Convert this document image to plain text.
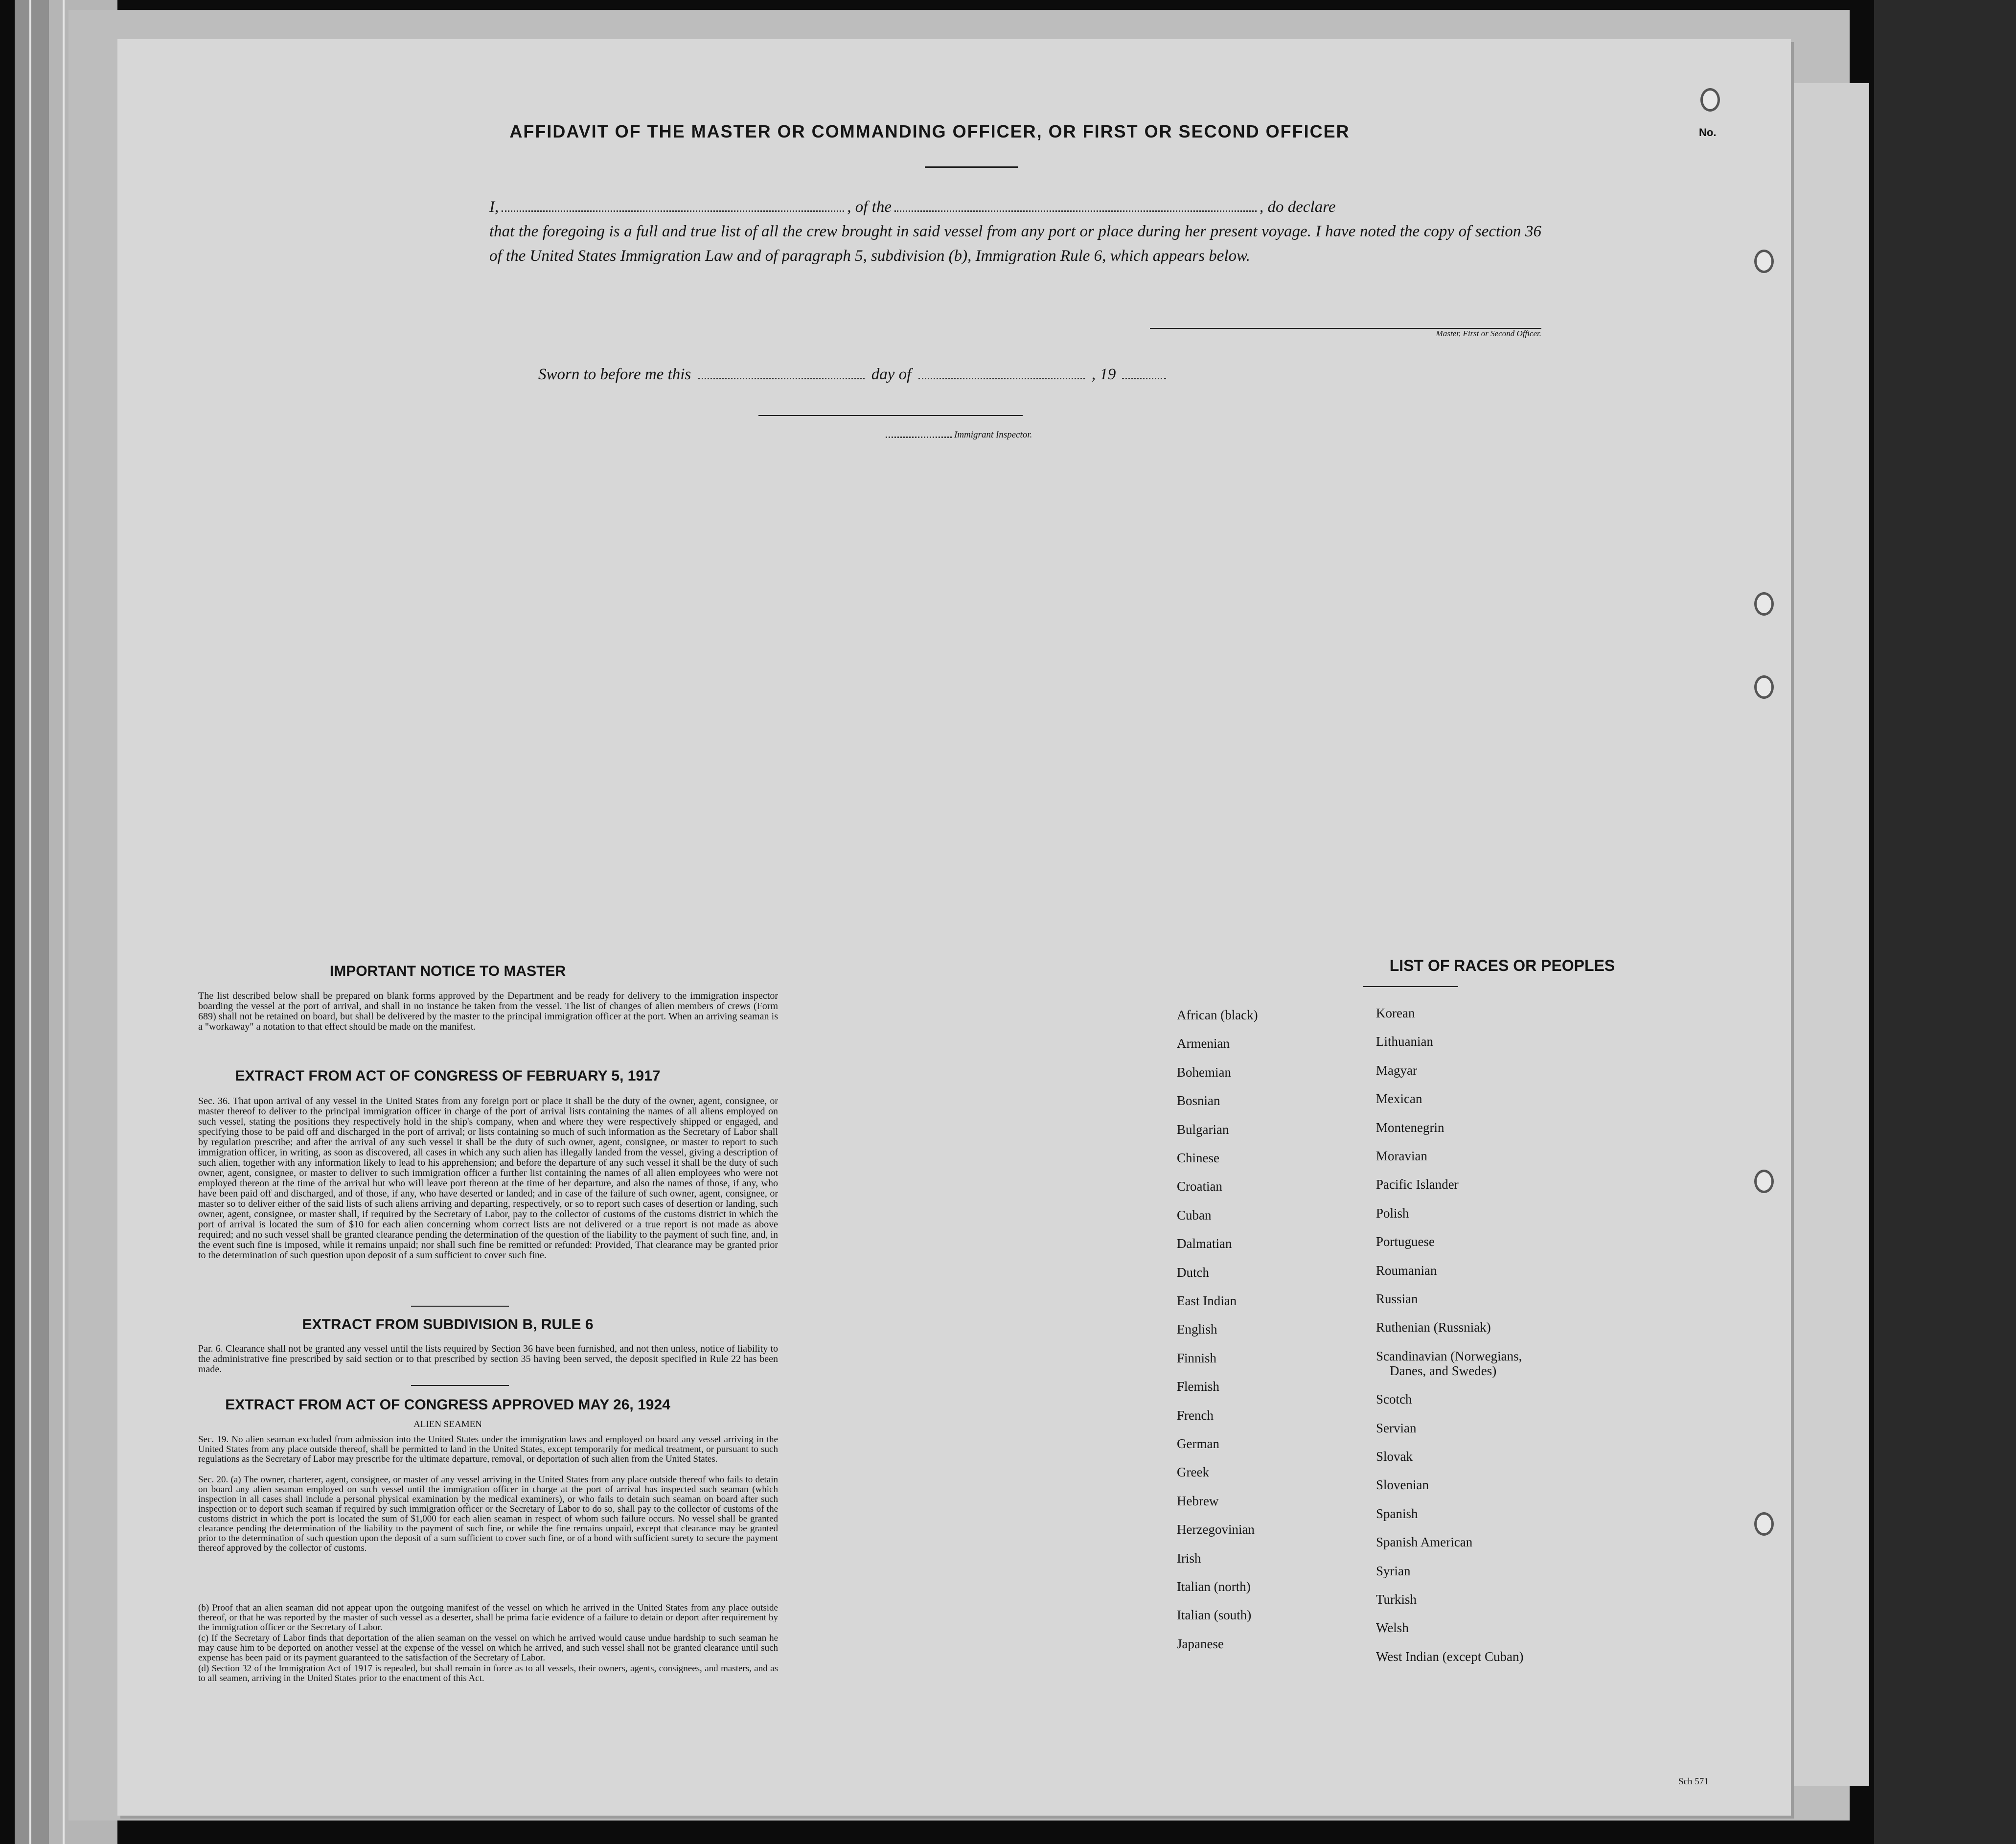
No.
AFFIDAVIT OF THE MASTER OR COMMANDING OFFICER, OR FIRST OR SECOND OFFICER
I,	, of the	, do declare
that the foregoing is a full and true list of all the crew brought in said vessel from any port or place during her present voyage. I have noted the copy of section 36 of the United States Immigration Law and of paragraph 5, subdivision (b), Immigration Rule 6, which appears below.
Master, First or Second Officer.
Sworn to before me this	day of	, 19
Immigrant Inspector.
IMPORTANT NOTICE TO MASTER
The list described below shall be prepared on blank forms approved by the Department and be ready for delivery to the immigration inspector boarding the vessel at the port of arrival, and shall in no instance be taken from the vessel. The list of changes of alien members of crews (Form 689) shall not be retained on board, but shall be delivered by the master to the principal immigration officer at the port. When an arriving seaman is a "workaway" a notation to that effect should be made on the manifest.
EXTRACT FROM ACT OF CONGRESS OF FEBRUARY 5, 1917
Sec. 36. That upon arrival of any vessel in the United States from any foreign port or place it shall be the duty of the owner, agent, consignee, or master thereof to deliver to the principal immigration officer in charge of the port of arrival lists containing the names of all aliens employed on such vessel, stating the positions they respectively hold in the ship's company, when and where they were respectively shipped or engaged, and specifying those to be paid off and discharged in the port of arrival; or lists containing so much of such information as the Secretary of Labor shall by regulation prescribe; and after the arrival of any such vessel it shall be the duty of such owner, agent, consignee, or master to report to such immigration officer, in writing, as soon as discovered, all cases in which any such alien has illegally landed from the vessel, giving a description of such alien, together with any information likely to lead to his apprehension; and before the departure of any such vessel it shall be the duty of such owner, agent, consignee, or master to deliver to such immigration officer a further list containing the names of all alien employees who were not employed thereon at the time of the arrival but who will leave port thereon at the time of her departure, and also the names of those, if any, who have been paid off and discharged, and of those, if any, who have deserted or landed; and in case of the failure of such owner, agent, consignee, or master so to deliver either of the said lists of such aliens arriving and departing, respectively, or so to report such cases of desertion or landing, such owner, agent, consignee, or master shall, if required by the Secretary of Labor, pay to the collector of customs of the customs district in which the port of arrival is located the sum of $10 for each alien concerning whom correct lists are not delivered or a true report is not made as above required; and no such vessel shall be granted clearance pending the determination of the question of the liability to the payment of such fine, and, in the event such fine is imposed, while it remains unpaid; nor shall such fine be remitted or refunded: Provided, That clearance may be granted prior to the determination of such question upon deposit of a sum sufficient to cover such fine.
EXTRACT FROM SUBDIVISION B, RULE 6
Par. 6. Clearance shall not be granted any vessel until the lists required by Section 36 have been furnished, and not then unless, notice of liability to the administrative fine prescribed by said section or to that prescribed by section 35 having been served, the deposit specified in Rule 22 has been made.
EXTRACT FROM ACT OF CONGRESS APPROVED MAY 26, 1924
ALIEN SEAMEN
Sec. 19. No alien seaman excluded from admission into the United States under the immigration laws and employed on board any vessel arriving in the United States from any place outside thereof, shall be permitted to land in the United States, except temporarily for medical treatment, or pursuant to such regulations as the Secretary of Labor may prescribe for the ultimate departure, removal, or deportation of such alien from the United States.
Sec. 20. (a) The owner, charterer, agent, consignee, or master of any vessel arriving in the United States from any place outside thereof who fails to detain on board any alien seaman employed on such vessel until the immigration officer in charge at the port of arrival has inspected such seaman (which inspection in all cases shall include a personal physical examination by the medical examiners), or who fails to detain such seaman on board after such inspection or to deport such seaman if required by such immigration officer or the Secretary of Labor to do so, shall pay to the collector of customs of the customs district in which the port is located the sum of $1,000 for each alien seaman in respect of whom such failure occurs. No vessel shall be granted clearance pending the determination of the liability to the payment of such fine, or while the fine remains unpaid, except that clearance may be granted prior to the determination of such question upon the deposit of a sum sufficient to cover such fine, or of a bond with sufficient surety to secure the payment thereof approved by the collector of customs.
(b) Proof that an alien seaman did not appear upon the outgoing manifest of the vessel on which he arrived in the United States from any place outside thereof, or that he was reported by the master of such vessel as a deserter, shall be prima facie evidence of a failure to detain or deport after requirement by the immigration officer or the Secretary of Labor.
(c) If the Secretary of Labor finds that deportation of the alien seaman on the vessel on which he arrived would cause undue hardship to such seaman he may cause him to be deported on another vessel at the expense of the vessel on which he arrived, and such vessel shall not be granted clearance until such expense has been paid or its payment guaranteed to the satisfaction of the Secretary of Labor.
(d) Section 32 of the Immigration Act of 1917 is repealed, but shall remain in force as to all vessels, their owners, agents, consignees, and masters, and as to all seamen, arriving in the United States prior to the enactment of this Act.
LIST OF RACES OR PEOPLES
African (black)
Armenian
Bohemian
Bosnian
Bulgarian
Chinese
Croatian
Cuban
Dalmatian
Dutch
East Indian
English
Finnish
Flemish
French
German
Greek
Hebrew
Herzegovinian
Irish
Italian (north)
Italian (south)
Japanese
Korean
Lithuanian
Magyar
Mexican
Montenegrin
Moravian
Pacific Islander
Polish
Portuguese
Roumanian
Russian
Ruthenian (Russniak)
Scandinavian (Norwegians,
Danes, and Swedes)
Scotch
Servian
Slovak
Slovenian
Spanish
Spanish American
Syrian
Turkish
Welsh
West Indian (except Cuban)
Sch 571
